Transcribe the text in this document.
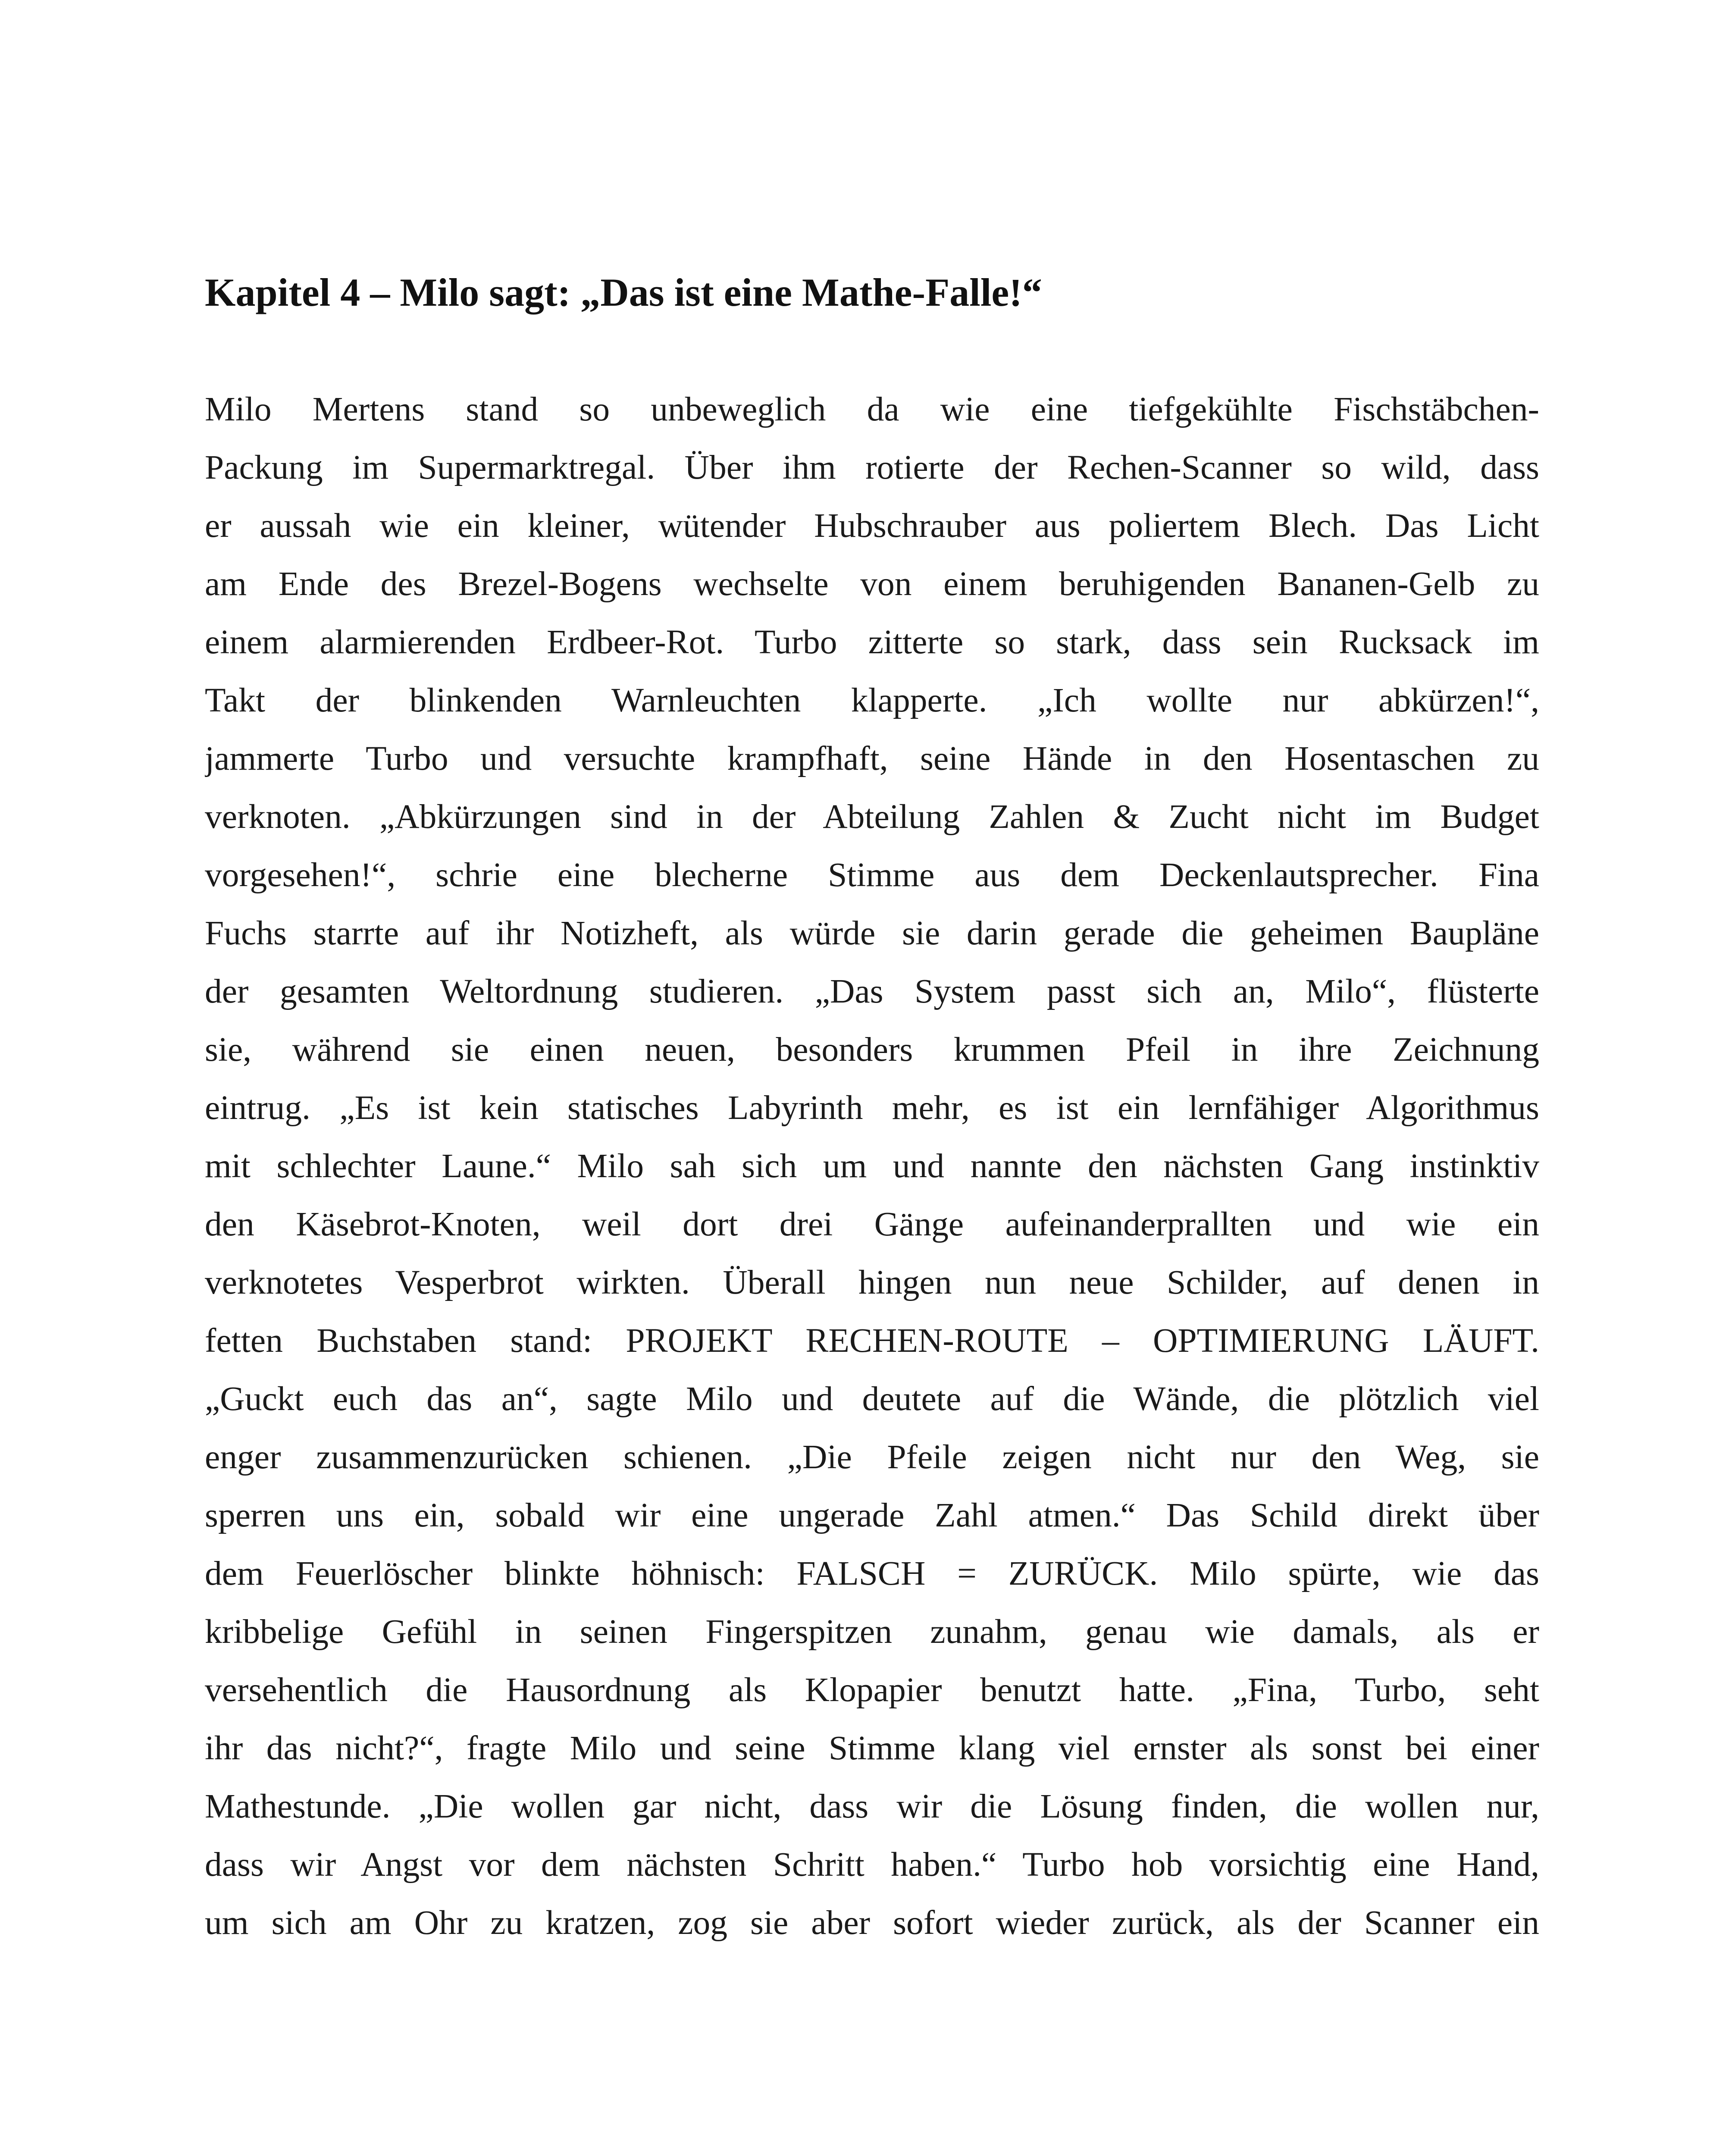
Kapitel 4 – Milo sagt: „Das ist eine Mathe-Falle!“
Milo Mertens stand so unbeweglich da wie eine tiefgekühlte Fischstäbchen-
Packung im Supermarktregal. Über ihm rotierte der Rechen-Scanner so wild, dass
er aussah wie ein kleiner, wütender Hubschrauber aus poliertem Blech. Das Licht
am Ende des Brezel-Bogens wechselte von einem beruhigenden Bananen-Gelb zu
einem alarmierenden Erdbeer-Rot. Turbo zitterte so stark, dass sein Rucksack im
Takt der blinkenden Warnleuchten klapperte. „Ich wollte nur abkürzen!“,
jammerte Turbo und versuchte krampfhaft, seine Hände in den Hosentaschen zu
verknoten. „Abkürzungen sind in der Abteilung Zahlen & Zucht nicht im Budget
vorgesehen!“, schrie eine blecherne Stimme aus dem Deckenlautsprecher. Fina
Fuchs starrte auf ihr Notizheft, als würde sie darin gerade die geheimen Baupläne
der gesamten Weltordnung studieren. „Das System passt sich an, Milo“, flüsterte
sie, während sie einen neuen, besonders krummen Pfeil in ihre Zeichnung
eintrug. „Es ist kein statisches Labyrinth mehr, es ist ein lernfähiger Algorithmus
mit schlechter Laune.“ Milo sah sich um und nannte den nächsten Gang instinktiv
den Käsebrot-Knoten, weil dort drei Gänge aufeinanderprallten und wie ein
verknotetes Vesperbrot wirkten. Überall hingen nun neue Schilder, auf denen in
fetten Buchstaben stand: PROJEKT RECHEN-ROUTE – OPTIMIERUNG LÄUFT.
„Guckt euch das an“, sagte Milo und deutete auf die Wände, die plötzlich viel
enger zusammenzurücken schienen. „Die Pfeile zeigen nicht nur den Weg, sie
sperren uns ein, sobald wir eine ungerade Zahl atmen.“ Das Schild direkt über
dem Feuerlöscher blinkte höhnisch: FALSCH = ZURÜCK. Milo spürte, wie das
kribbelige Gefühl in seinen Fingerspitzen zunahm, genau wie damals, als er
versehentlich die Hausordnung als Klopapier benutzt hatte. „Fina, Turbo, seht
ihr das nicht?“, fragte Milo und seine Stimme klang viel ernster als sonst bei einer
Mathestunde. „Die wollen gar nicht, dass wir die Lösung finden, die wollen nur,
dass wir Angst vor dem nächsten Schritt haben.“ Turbo hob vorsichtig eine Hand,
um sich am Ohr zu kratzen, zog sie aber sofort wieder zurück, als der Scanner ein
